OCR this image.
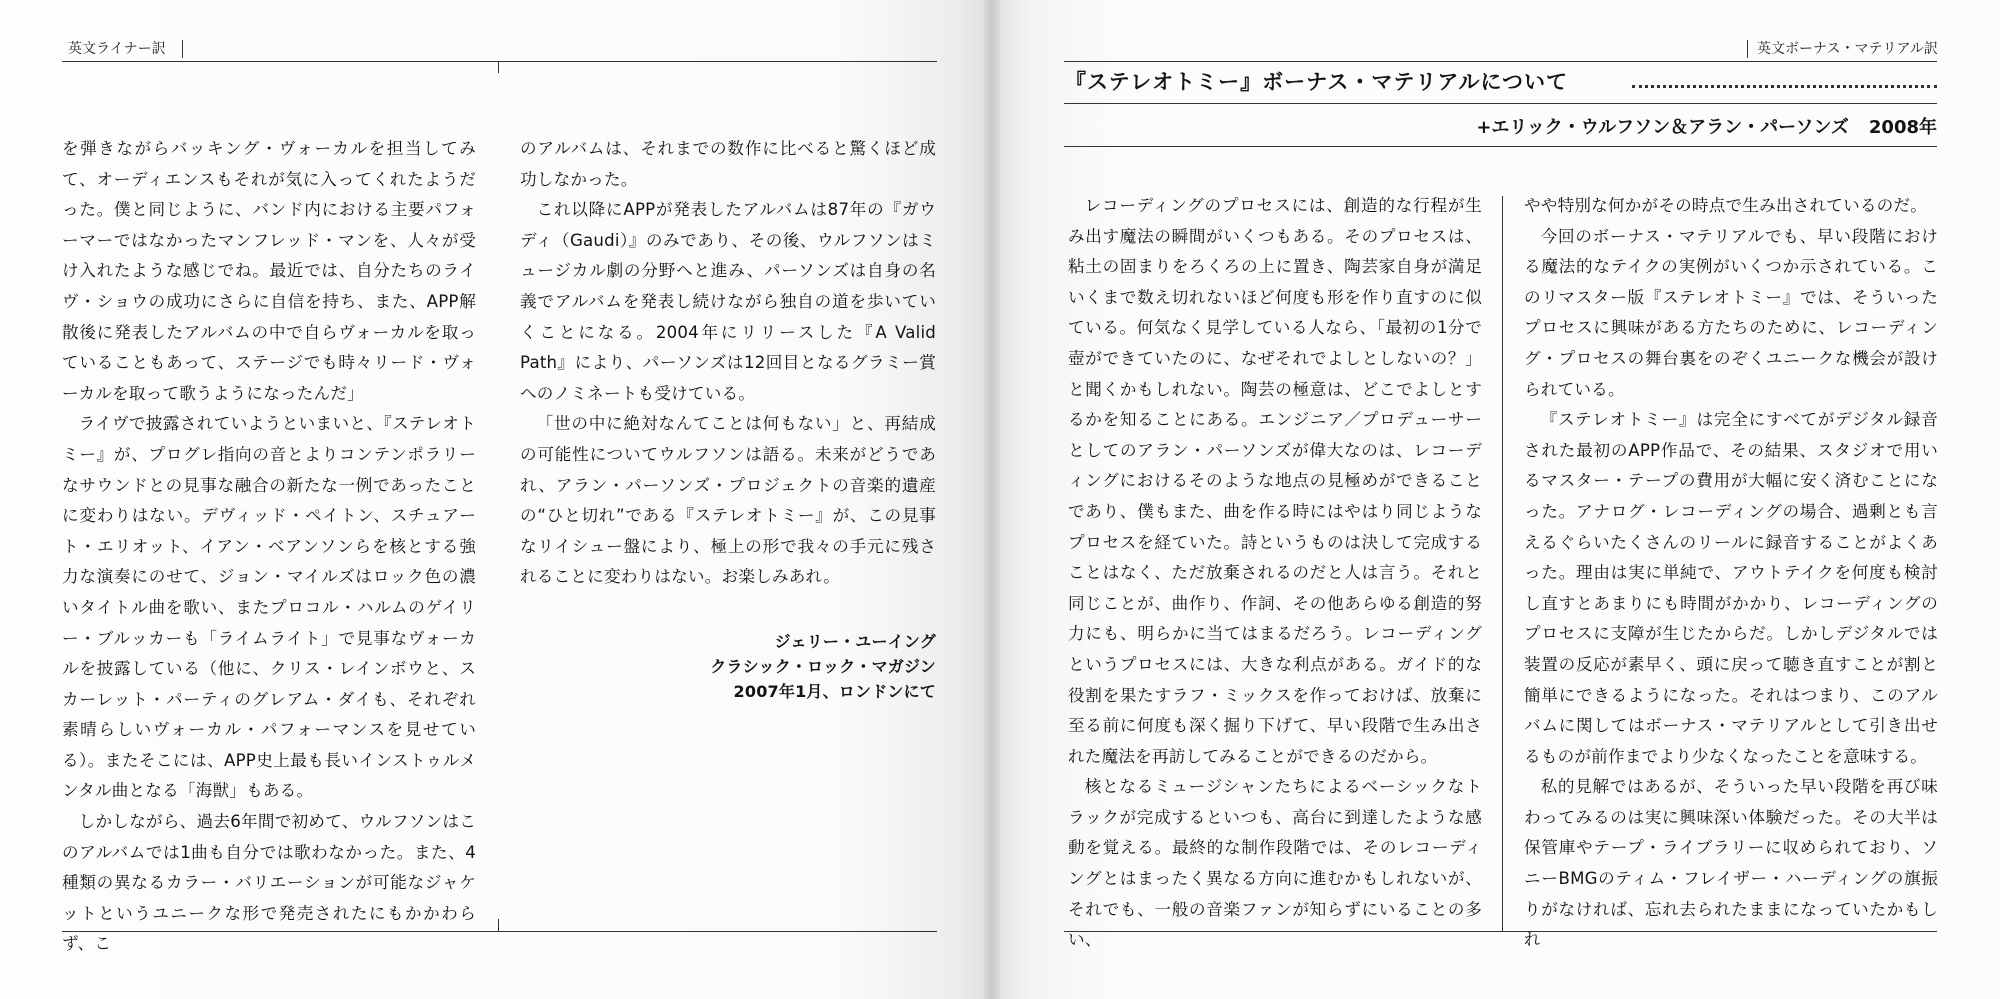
英文ライナー訳

を弾きながらバッキング・ヴォーカルを担当してみて、オーディエンスもそれが気に入ってくれたようだった。僕と同じように、バンド内における主要パフォーマーではなかったマンフレッド・マンを、人々が受け入れたような感じでね。最近では、自分たちのライヴ・ショウの成功にさらに自信を持ち、また、APP解散後に発表したアルバムの中で自らヴォーカルを取っていることもあって、ステージでも時々リード・ヴォーカルを取って歌うようになったんだ」

ライヴで披露されていようといまいと、『ステレオトミー』が、プログレ指向の音とよりコンテンポラリーなサウンドとの見事な融合の新たな一例であったことに変わりはない。デヴィッド・ペイトン、スチュアート・エリオット、イアン・ベアンソンらを核とする強力な演奏にのせて、ジョン・マイルズはロック色の濃いタイトル曲を歌い、またプロコル・ハルムのゲイリー・ブルッカーも「ライムライト」で見事なヴォーカルを披露している（他に、クリス・レインボウと、スカーレット・パーティのグレアム・ダイも、それぞれ素晴らしいヴォーカル・パフォーマンスを見せている）。またそこには、APP史上最も長いインストゥルメンタル曲となる「海獣」もある。

しかしながら、過去6年間で初めて、ウルフソンはこのアルバムでは1曲も自分では歌わなかった。また、4種類の異なるカラー・バリエーションが可能なジャケットというユニークな形で発売されたにもかかわらず、こ

のアルバムは、それまでの数作に比べると驚くほど成功しなかった。

これ以降にAPPが発表したアルバムは87年の『ガウディ（Gaudi）』のみであり、その後、ウルフソンはミュージカル劇の分野へと進み、パーソンズは自身の名義でアルバムを発表し続けながら独自の道を歩いていくことになる。2004年にリリースした『A Valid Path』により、パーソンズは12回目となるグラミー賞へのノミネートも受けている。

「世の中に絶対なんてことは何もない」と、再結成の可能性についてウルフソンは語る。未来がどうであれ、アラン・パーソンズ・プロジェクトの音楽的遺産の“ひと切れ”である『ステレオトミー』が、この見事なリイシュー盤により、極上の形で我々の手元に残されることに変わりはない。お楽しみあれ。

ジェリー・ユーイング
クラシック・ロック・マガジン
2007年1月、ロンドンにて
英文ボーナス・マテリアル訳
『ステレオトミー』ボーナス・マテリアルについて
+エリック・ウルフソン＆アラン・パーソンズ 2008年

レコーディングのプロセスには、創造的な行程が生み出す魔法の瞬間がいくつもある。そのプロセスは、粘土の固まりをろくろの上に置き、陶芸家自身が満足いくまで数え切れないほど何度も形を作り直すのに似ている。何気なく見学している人なら、「最初の1分で壺ができていたのに、なぜそれでよしとしないの？」と聞くかもしれない。陶芸の極意は、どこでよしとするかを知ることにある。エンジニア／プロデューサーとしてのアラン・パーソンズが偉大なのは、レコーディングにおけるそのような地点の見極めができることであり、僕もまた、曲を作る時にはやはり同じようなプロセスを経ていた。詩というものは決して完成することはなく、ただ放棄されるのだと人は言う。それと同じことが、曲作り、作詞、その他あらゆる創造的努力にも、明らかに当てはまるだろう。レコーディングというプロセスには、大きな利点がある。ガイド的な役割を果たすラフ・ミックスを作っておけば、放棄に至る前に何度も深く掘り下げて、早い段階で生み出された魔法を再訪してみることができるのだから。

核となるミュージシャンたちによるベーシックなトラックが完成するといつも、高台に到達したような感動を覚える。最終的な制作段階では、そのレコーディングとはまったく異なる方向に進むかもしれないが、それでも、一般の音楽ファンが知らずにいることの多い、

やや特別な何かがその時点で生み出されているのだ。

今回のボーナス・マテリアルでも、早い段階における魔法的なテイクの実例がいくつか示されている。このリマスター版『ステレオトミー』では、そういったプロセスに興味がある方たちのために、レコーディング・プロセスの舞台裏をのぞくユニークな機会が設けられている。

『ステレオトミー』は完全にすべてがデジタル録音された最初のAPP作品で、その結果、スタジオで用いるマスター・テープの費用が大幅に安く済むことになった。アナログ・レコーディングの場合、過剰とも言えるぐらいたくさんのリールに録音することがよくあった。理由は実に単純で、アウトテイクを何度も検討し直すとあまりにも時間がかかり、レコーディングのプロセスに支障が生じたからだ。しかしデジタルでは装置の反応が素早く、頭に戻って聴き直すことが割と簡単にできるようになった。それはつまり、このアルバムに関してはボーナス・マテリアルとして引き出せるものが前作までより少なくなったことを意味する。

私的見解ではあるが、そういった早い段階を再び味わってみるのは実に興味深い体験だった。その大半は保管庫やテープ・ライブラリーに収められており、ソニーBMGのティム・フレイザー・ハーディングの旗振りがなければ、忘れ去られたままになっていたかもしれ
